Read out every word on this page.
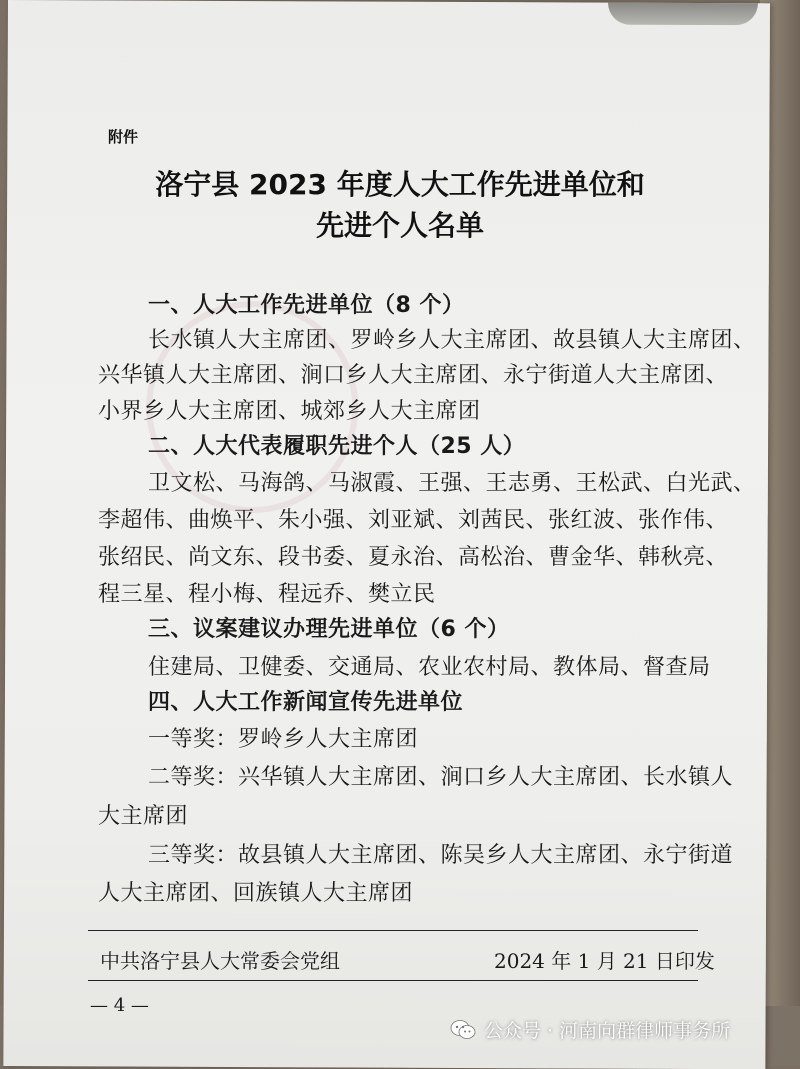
附件
洛宁县 2023 年度人大工作先进单位和
先进个人名单
一、人大工作先进单位（8 个）
长水镇人大主席团、罗岭乡人大主席团、故县镇人大主席团、
兴华镇人大主席团、涧口乡人大主席团、永宁街道人大主席团、
小界乡人大主席团、城郊乡人大主席团
二、人大代表履职先进个人（25 人）
卫文松、马海鸽、马淑霞、王强、王志勇、王松武、白光武、
李超伟、曲焕平、朱小强、刘亚斌、刘茜民、张红波、张作伟、
张绍民、尚文东、段书委、夏永治、高松治、曹金华、韩秋亮、
程三星、程小梅、程远乔、樊立民
三、议案建议办理先进单位（6 个）
住建局、卫健委、交通局、农业农村局、教体局、督查局
四、人大工作新闻宣传先进单位
一等奖：罗岭乡人大主席团
二等奖：兴华镇人大主席团、涧口乡人大主席团、长水镇人
大主席团
三等奖：故县镇人大主席团、陈吴乡人大主席团、永宁街道
人大主席团、回族镇人大主席团
中共洛宁县人大常委会党组	2024 年 1 月 21 日印发
— 4 —
公众号 · 河南向群律师事务所
